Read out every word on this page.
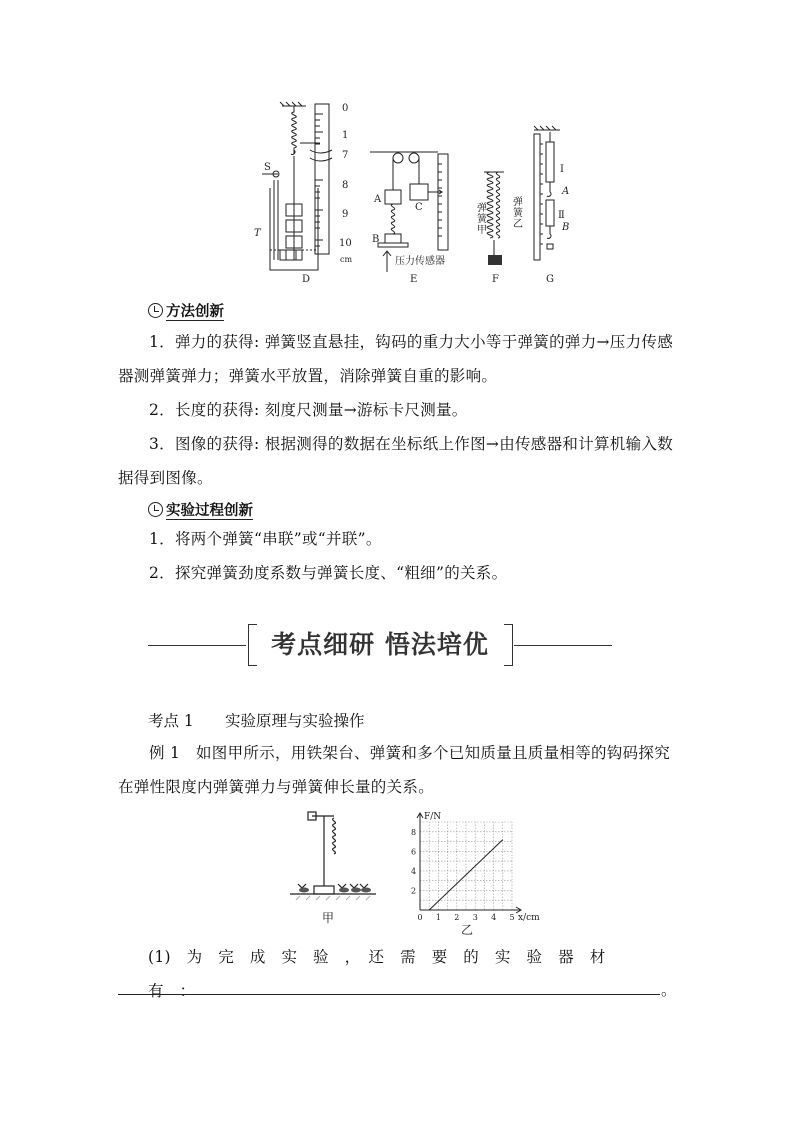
0
1
7
8
9
10
cm
S
T
A
B
C
压力传感器
A
B
Ⅰ
Ⅱ
D	E	F	G
弹簧甲
弹簧乙
方法创新
1．弹力的获得: 弹簧竖直悬挂，钩码的重力大小等于弹簧的弹力→压力传感器测弹簧弹力；弹簧水平放置，消除弹簧自重的影响。
2．长度的获得: 刻度尺测量→游标卡尺测量。
3．图像的获得: 根据测得的数据在坐标纸上作图→由传感器和计算机输入数据得到图像。
实验过程创新
1．将两个弹簧“串联”或“并联”。
2．探究弹簧劲度系数与弹簧长度、“粗细”的关系。
考点细研 悟法培优
考点 1 实验原理与实验操作
例 1　如图甲所示，用铁架台、弹簧和多个已知质量且质量相等的钩码探究在弹性限度内弹簧弹力与弹簧伸长量的关系。
甲	0 1 2 3 4 5
2
4
6
8
F/N
x/cm
乙
(1)　为　完　成　实　验　，　还　需　要　的　实　验　器　材　有　：	。
